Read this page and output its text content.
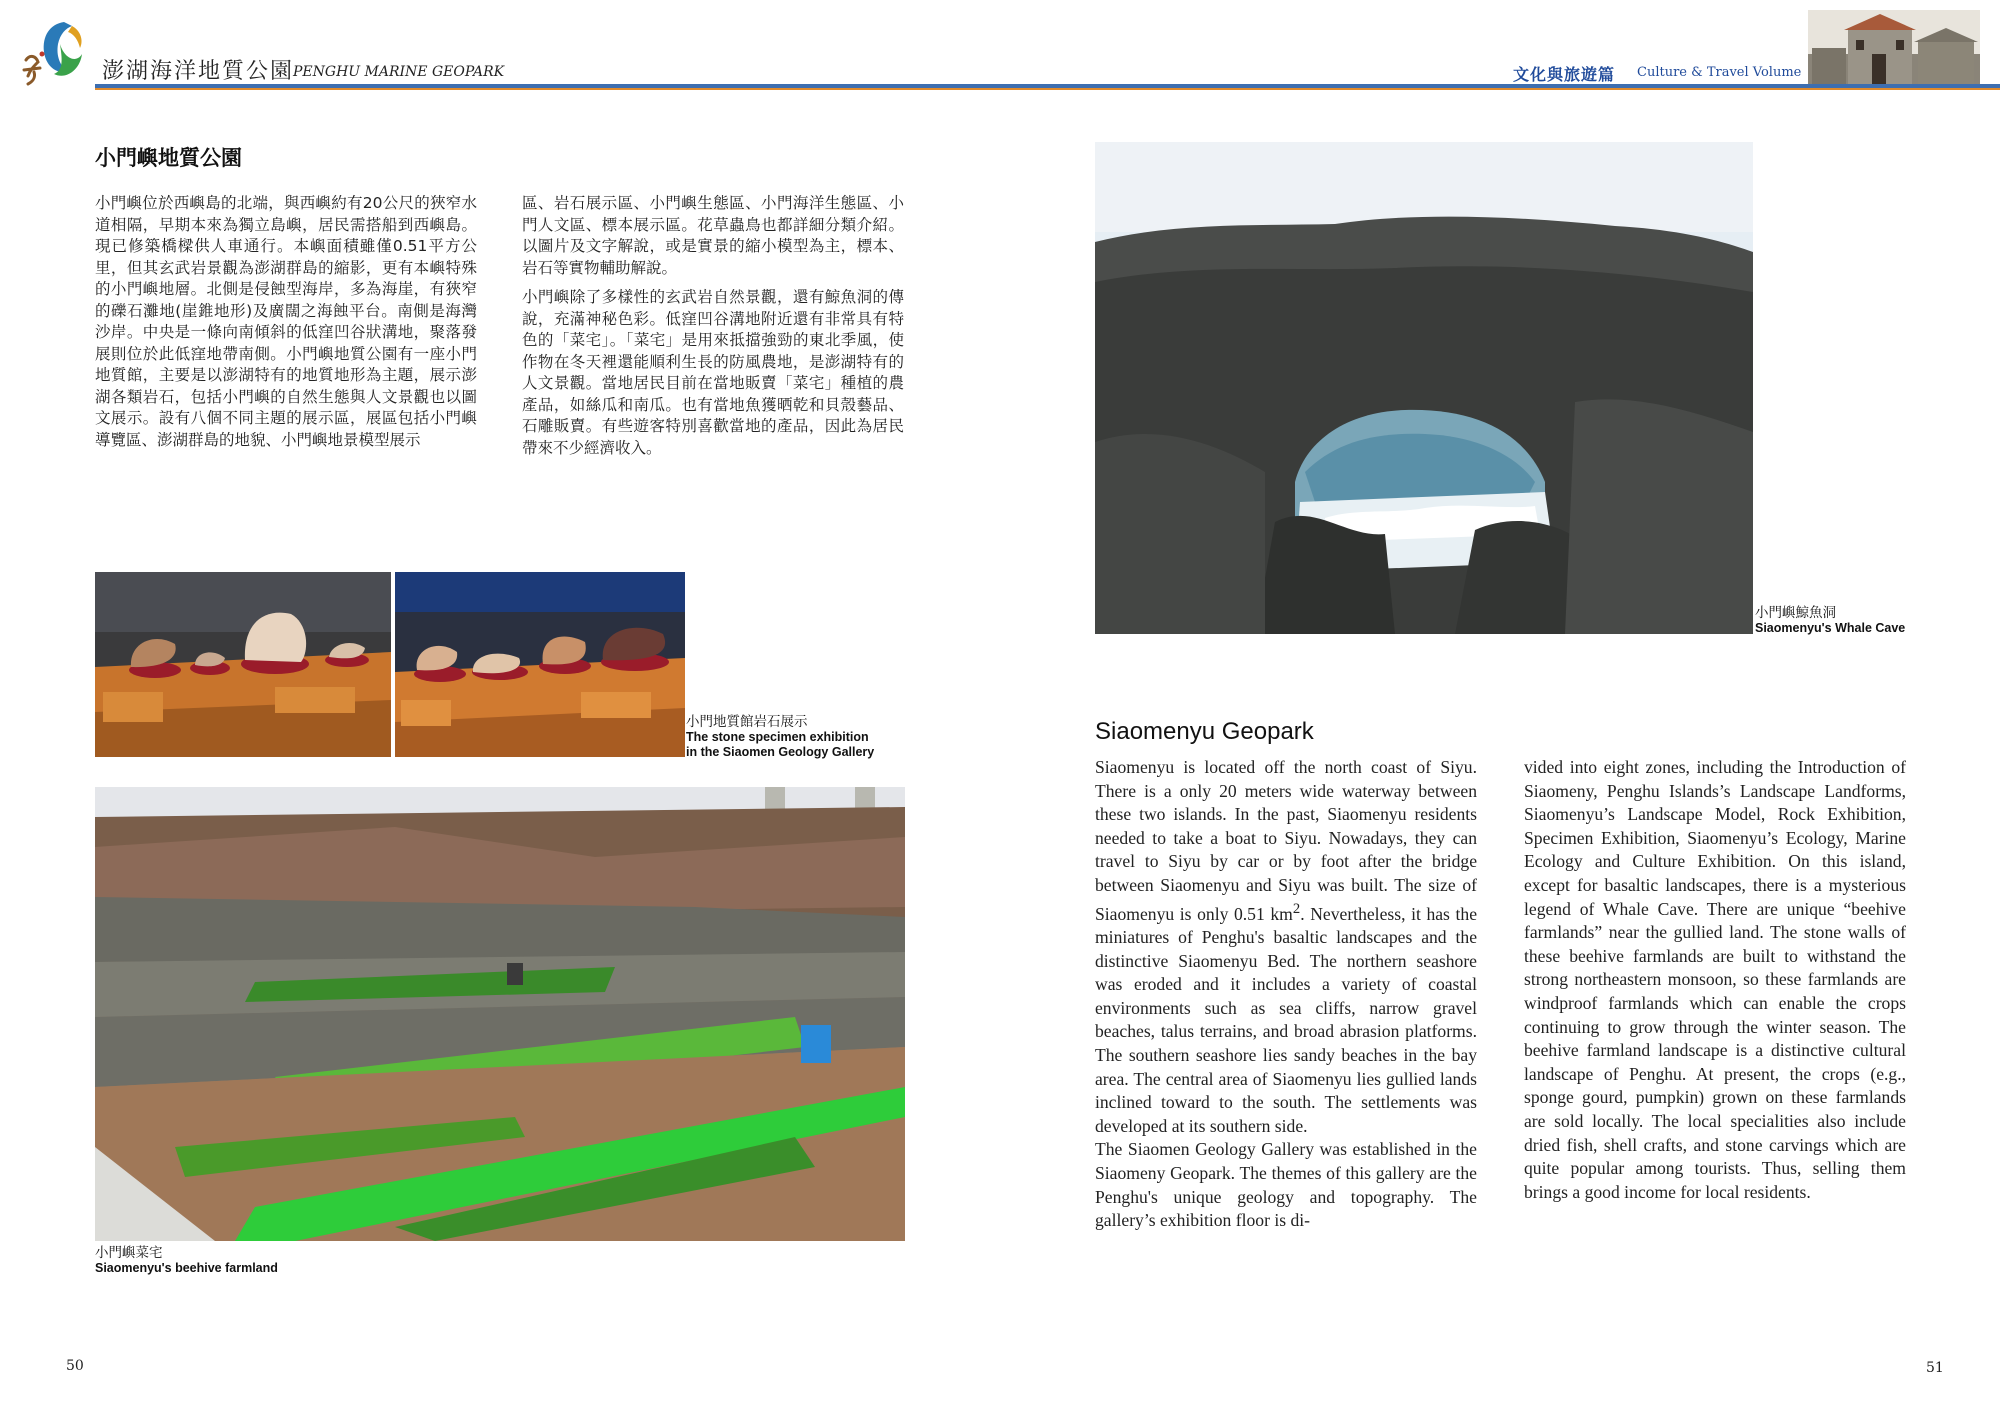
澎湖海洋地質公園
PENGHU MARINE GEOPARK	文化與旅遊篇 Culture & Travel Volume
小門嶼地質公園

小門嶼位於西嶼島的北端，與西嶼約有20公尺的狹窄水道相隔，早期本來為獨立島嶼，居民需搭船到西嶼島。現已修築橋樑供人車通行。本嶼面積雖僅0.51平方公里，但其玄武岩景觀為澎湖群島的縮影，更有本嶼特殊的小門嶼地層。北側是侵蝕型海岸，多為海崖，有狹窄的礫石灘地(崖錐地形)及廣闊之海蝕平台。南側是海灣沙岸。中央是一條向南傾斜的低窪凹谷狀溝地，聚落發展則位於此低窪地帶南側。小門嶼地質公園有一座小門地質館，主要是以澎湖特有的地質地形為主題，展示澎湖各類岩石，包括小門嶼的自然生態與人文景觀也以圖文展示。設有八個不同主題的展示區，展區包括小門嶼導覽區、澎湖群島的地貌、小門嶼地景模型展示

區、岩石展示區、小門嶼生態區、小門海洋生態區、小門人文區、標本展示區。花草蟲鳥也都詳細分類介紹。以圖片及文字解說，或是實景的縮小模型為主，標本、岩石等實物輔助解說。

小門嶼除了多樣性的玄武岩自然景觀，還有鯨魚洞的傳說，充滿神秘色彩。低窪凹谷溝地附近還有非常具有特色的「菜宅」。「菜宅」是用來抵擋強勁的東北季風，使作物在冬天裡還能順利生長的防風農地，是澎湖特有的人文景觀。當地居民目前在當地販賣「菜宅」種植的農產品，如絲瓜和南瓜。也有當地魚獲晒乾和貝殼藝品、石雕販賣。有些遊客特別喜歡當地的產品，因此為居民帶來不少經濟收入。

小門地質館岩石展示
The stone specimen exhibition
in the Siaomen Geology Gallery
小門嶼菜宅
Siaomenyu's beehive farmland
50
小門嶼鯨魚洞
Siaomenyu's Whale Cave
Siaomenyu Geopark

Siaomenyu is located off the north coast of Siyu. There is a only 20 meters wide waterway between these two islands. In the past, Siaomenyu residents needed to take a boat to Siyu. Nowadays, they can travel to Siyu by car or by foot after the bridge between Siaomenyu and Siyu was built. The size of Siaomenyu is only 0.51 $km^2$. Nevertheless, it has the miniatures of Penghu's basaltic landscapes and the distinctive Siaomenyu Bed. The northern seashore was eroded and it includes a variety of coastal environments such as sea cliffs, narrow gravel beaches, talus terrains, and broad abrasion platforms. The southern seashore lies sandy beaches in the bay area. The central area of Siaomenyu lies gullied lands inclined toward to the south. The settlements was developed at its southern side.

The Siaomen Geology Gallery was established in the Siaomeny Geopark. The themes of this gallery are the Penghu's unique geology and topography. The gallery’s exhibition floor is di-

vided into eight zones, including the Introduction of Siaomeny, Penghu Islands’s Landscape Landforms, Siaomenyu’s Landscape Model, Rock Exhibition, Specimen Exhibition, Siaomenyu’s Ecology, Marine Ecology and Culture Exhibition. On this island, except for basaltic landscapes, there is a mysterious legend of Whale Cave. There are unique “beehive farmlands” near the gullied land. The stone walls of these beehive farmlands are built to withstand the strong northeastern monsoon, so these farmlands are windproof farmlands which can enable the crops continuing to grow through the winter season. The beehive farmland landscape is a distinctive cultural landscape of Penghu. At present, the crops (e.g., sponge gourd, pumpkin) grown on these farmlands are sold locally. The local specialities also include dried fish, shell crafts, and stone carvings which are quite popular among tourists. Thus, selling them brings a good income for local residents.

51
